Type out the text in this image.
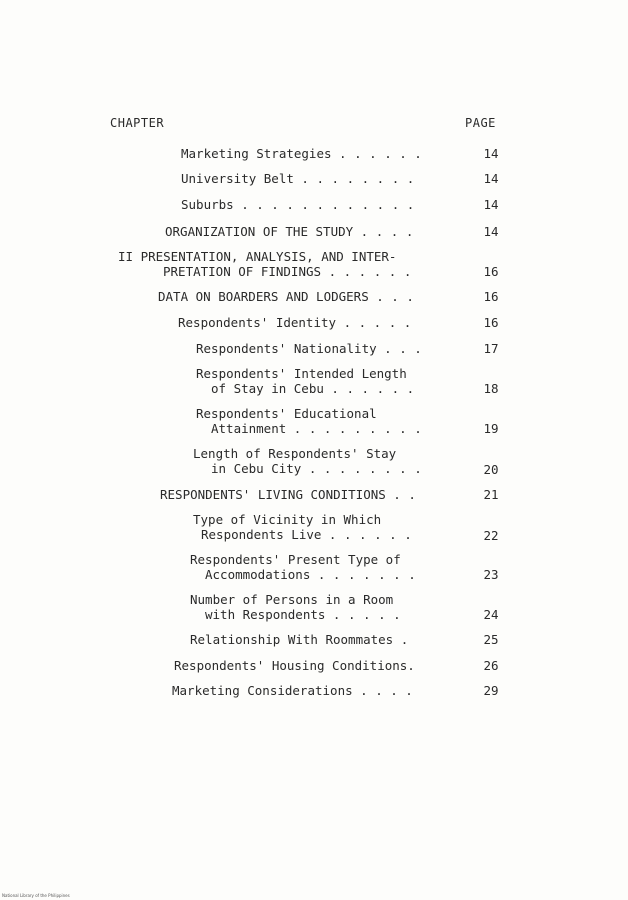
CHAPTER	PAGE
Marketing Strategies . . . . . .	14
University Belt . . . . . . . .	14
Suburbs . . . . . . . . . . . .	14
ORGANIZATION OF THE STUDY . . . .	14
II PRESENTATION, ANALYSIS, AND INTER-
PRETATION OF FINDINGS . . . . . .	16
DATA ON BOARDERS AND LODGERS . . .	16
Respondents' Identity . . . . .	16
Respondents' Nationality . . .	17
Respondents' Intended Length
of Stay in Cebu . . . . . .	18
Respondents' Educational
Attainment . . . . . . . . .	19
Length of Respondents' Stay
in Cebu City . . . . . . . .	20
RESPONDENTS' LIVING CONDITIONS . .	21
Type of Vicinity in Which
Respondents Live . . . . . .	22
Respondents' Present Type of
Accommodations . . . . . . .	23
Number of Persons in a Room
with Respondents . . . . .	24
Relationship With Roommates .	25
Respondents' Housing Conditions.	26
Marketing Considerations . . . .	29
National Library of the Philippines
